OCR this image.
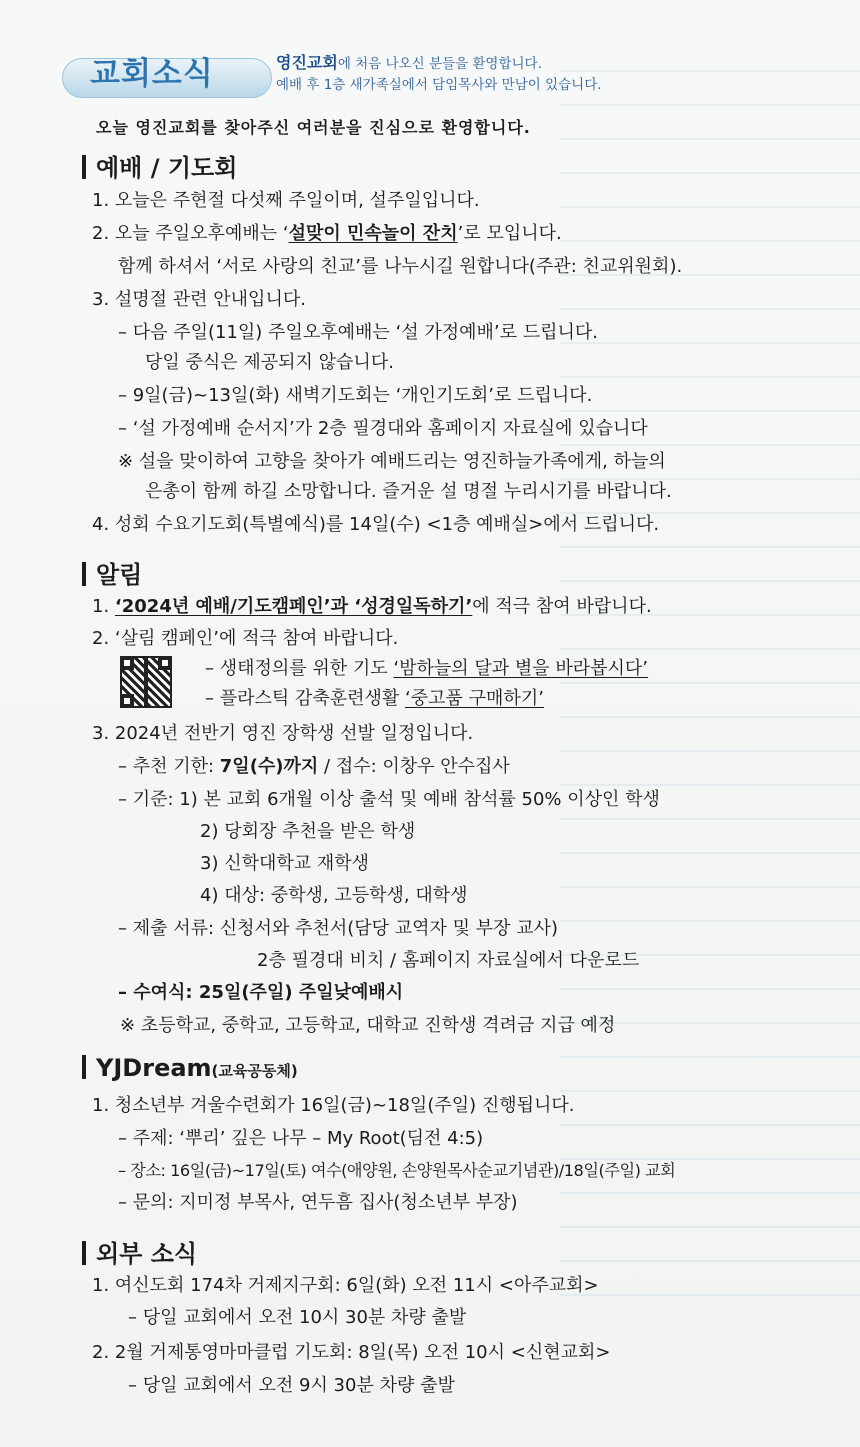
교회소식	영진교회에 처음 나오신 분들을 환영합니다.
예배 후 1층 새가족실에서 담임목사와 만남이 있습니다.
오늘 영진교회를 찾아주신 여러분을 진심으로 환영합니다.
예배 / 기도회
1. 오늘은 주현절 다섯째 주일이며, 설주일입니다.
2. 오늘 주일오후예배는 ‘설맞이 민속놀이 잔치’로 모입니다.
함께 하셔서 ‘서로 사랑의 친교’를 나누시길 원합니다(주관: 친교위원회).
3. 설명절 관련 안내입니다.
– 다음 주일(11일) 주일오후예배는 ‘설 가정예배’로 드립니다.
당일 중식은 제공되지 않습니다.
– 9일(금)~13일(화) 새벽기도회는 ‘개인기도회’로 드립니다.
– ‘설 가정예배 순서지’가 2층 필경대와 홈페이지 자료실에 있습니다
※ 설을 맞이하여 고향을 찾아가 예배드리는 영진하늘가족에게, 하늘의
은총이 함께 하길 소망합니다. 즐거운 설 명절 누리시기를 바랍니다.
4. 성회 수요기도회(특별예식)를 14일(수) <1층 예배실>에서 드립니다.
알림
1. ‘2024년 예배/기도캠페인’과 ‘성경일독하기’에 적극 참여 바랍니다.
2. ‘살림 캠페인’에 적극 참여 바랍니다.
– 생태정의를 위한 기도 ‘밤하늘의 달과 별을 바라봅시다’
– 플라스틱 감축훈련생활 ‘중고품 구매하기’
3. 2024년 전반기 영진 장학생 선발 일정입니다.
– 추천 기한: 7일(수)까지 / 접수: 이창우 안수집사
– 기준: 1) 본 교회 6개월 이상 출석 및 예배 참석률 50% 이상인 학생
2) 당회장 추천을 받은 학생
3) 신학대학교 재학생
4) 대상: 중학생, 고등학생, 대학생
– 제출 서류: 신청서와 추천서(담당 교역자 및 부장 교사)
2층 필경대 비치 / 홈페이지 자료실에서 다운로드
– 수여식: 25일(주일) 주일낮예배시
※ 초등학교, 중학교, 고등학교, 대학교 진학생 격려금 지급 예정
YJDream(교육공동체)
1. 청소년부 겨울수련회가 16일(금)~18일(주일) 진행됩니다.
– 주제: ‘뿌리’ 깊은 나무 – My Root(딤전 4:5)
– 장소: 16일(금)~17일(토) 여수(애양원, 손양원목사순교기념관)/18일(주일) 교회
– 문의: 지미정 부목사, 연두흠 집사(청소년부 부장)
외부 소식
1. 여신도회 174차 거제지구회: 6일(화) 오전 11시 <아주교회>
– 당일 교회에서 오전 10시 30분 차량 출발
2. 2월 거제통영마마클럽 기도회: 8일(목) 오전 10시 <신현교회>
– 당일 교회에서 오전 9시 30분 차량 출발
